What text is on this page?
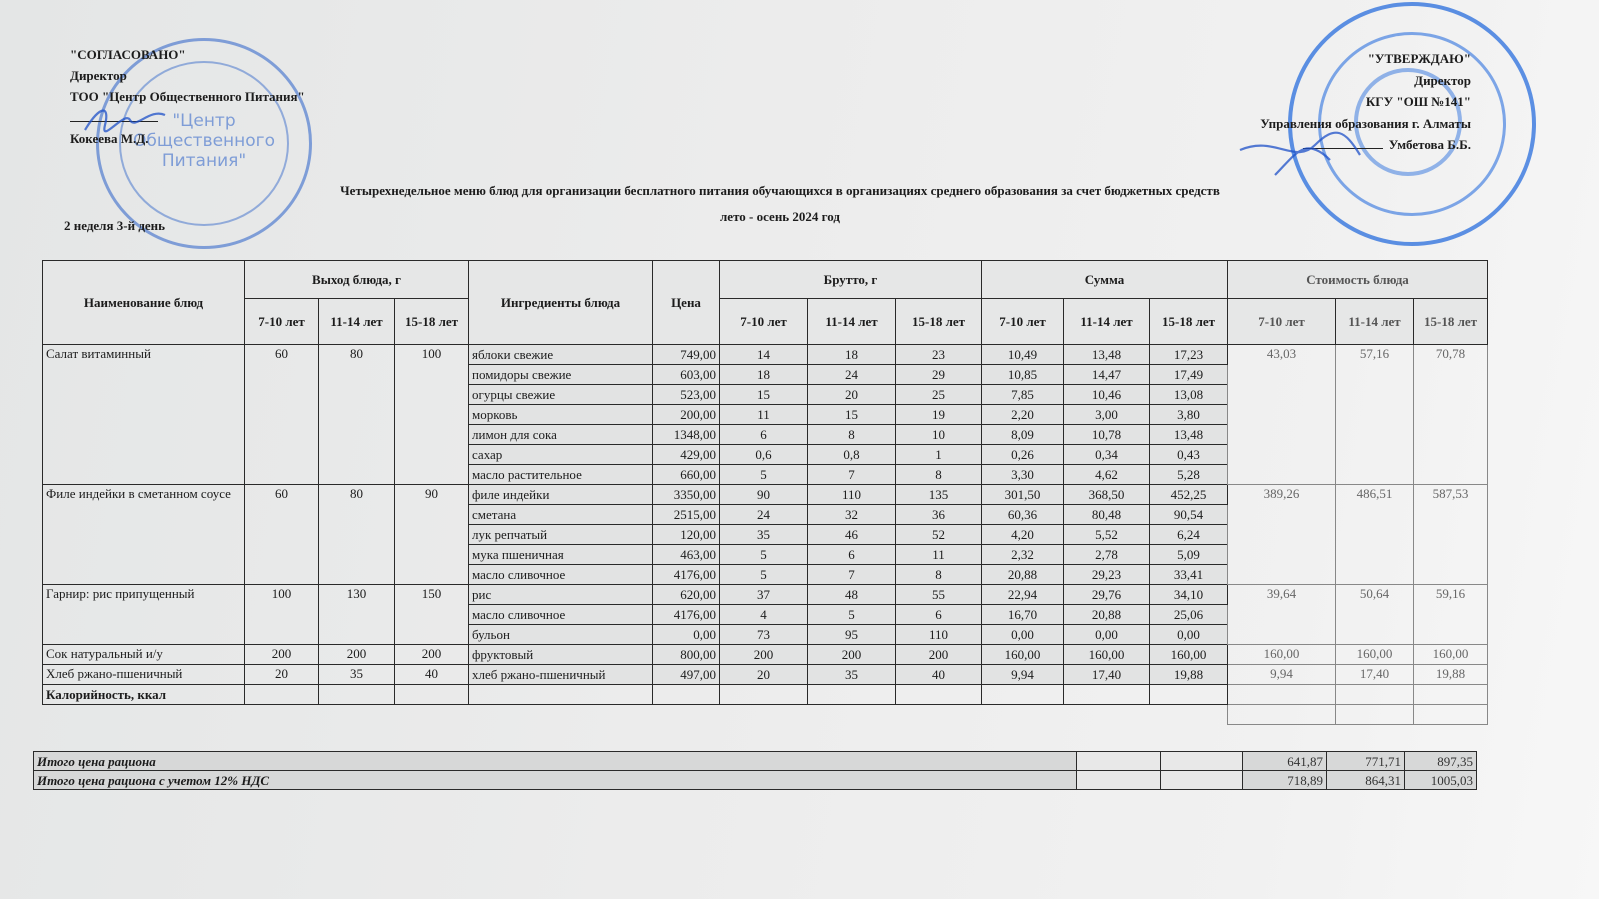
"Центр
Общественного
Питания"
"СОГЛАСОВАНО"
Директор
ТОО "Центр Общественного Питания"
Кокеева М.Д.
"УТВЕРЖДАЮ"
Директор
КГУ "ОШ №141"
Управления образования г. Алматы
Умбетова Б.Б.
Четырехнедельное меню блюд для организации бесплатного питания обучающихся в организациях среднего образования за счет бюджетных средств
лето - осень 2024 год
2 неделя 3-й день
Наименование блюд	Выход блюда, г			Ингредиенты блюда	Цена	Брутто, г			Сумма			Стоимость блюда		
	7-10 лет	11-14 лет	15-18 лет			7-10 лет	11-14 лет	15-18 лет	7-10 лет	11-14 лет	15-18 лет	7-10 лет	11-14 лет	15-18 лет
Салат витаминный	60	80	100	яблоки свежие	749,00	14	18	23	10,49	13,48	17,23	43,03	57,16	70,78
				помидоры свежие	603,00	18	24	29	10,85	14,47	17,49			
				огурцы свежие	523,00	15	20	25	7,85	10,46	13,08			
				морковь	200,00	11	15	19	2,20	3,00	3,80			
				лимон для сока	1348,00	6	8	10	8,09	10,78	13,48			
				сахар	429,00	0,6	0,8	1	0,26	0,34	0,43			
				масло растительное	660,00	5	7	8	3,30	4,62	5,28			
Филе индейки в сметанном соусе	60	80	90	филе индейки	3350,00	90	110	135	301,50	368,50	452,25	389,26	486,51	587,53
				сметана	2515,00	24	32	36	60,36	80,48	90,54			
				лук репчатый	120,00	35	46	52	4,20	5,52	6,24			
				мука пшеничная	463,00	5	6	11	2,32	2,78	5,09			
				масло сливочное	4176,00	5	7	8	20,88	29,23	33,41			
Гарнир: рис припущенный	100	130	150	рис	620,00	37	48	55	22,94	29,76	34,10	39,64	50,64	59,16
				масло сливочное	4176,00	4	5	6	16,70	20,88	25,06			
				бульон	0,00	73	95	110	0,00	0,00	0,00			
Сок натуральный и/у	200	200	200	фруктовый	800,00	200	200	200	160,00	160,00	160,00	160,00	160,00	160,00
Хлеб ржано-пшеничный	20	35	40	хлеб ржано-пшеничный	497,00	20	35	40	9,94	17,40	19,88	9,94	17,40	19,88
Калорийность, ккал														

Итого цена рациона			641,87	771,71	897,35
Итого цена рациона с учетом 12% НДС			718,89	864,31	1005,03
